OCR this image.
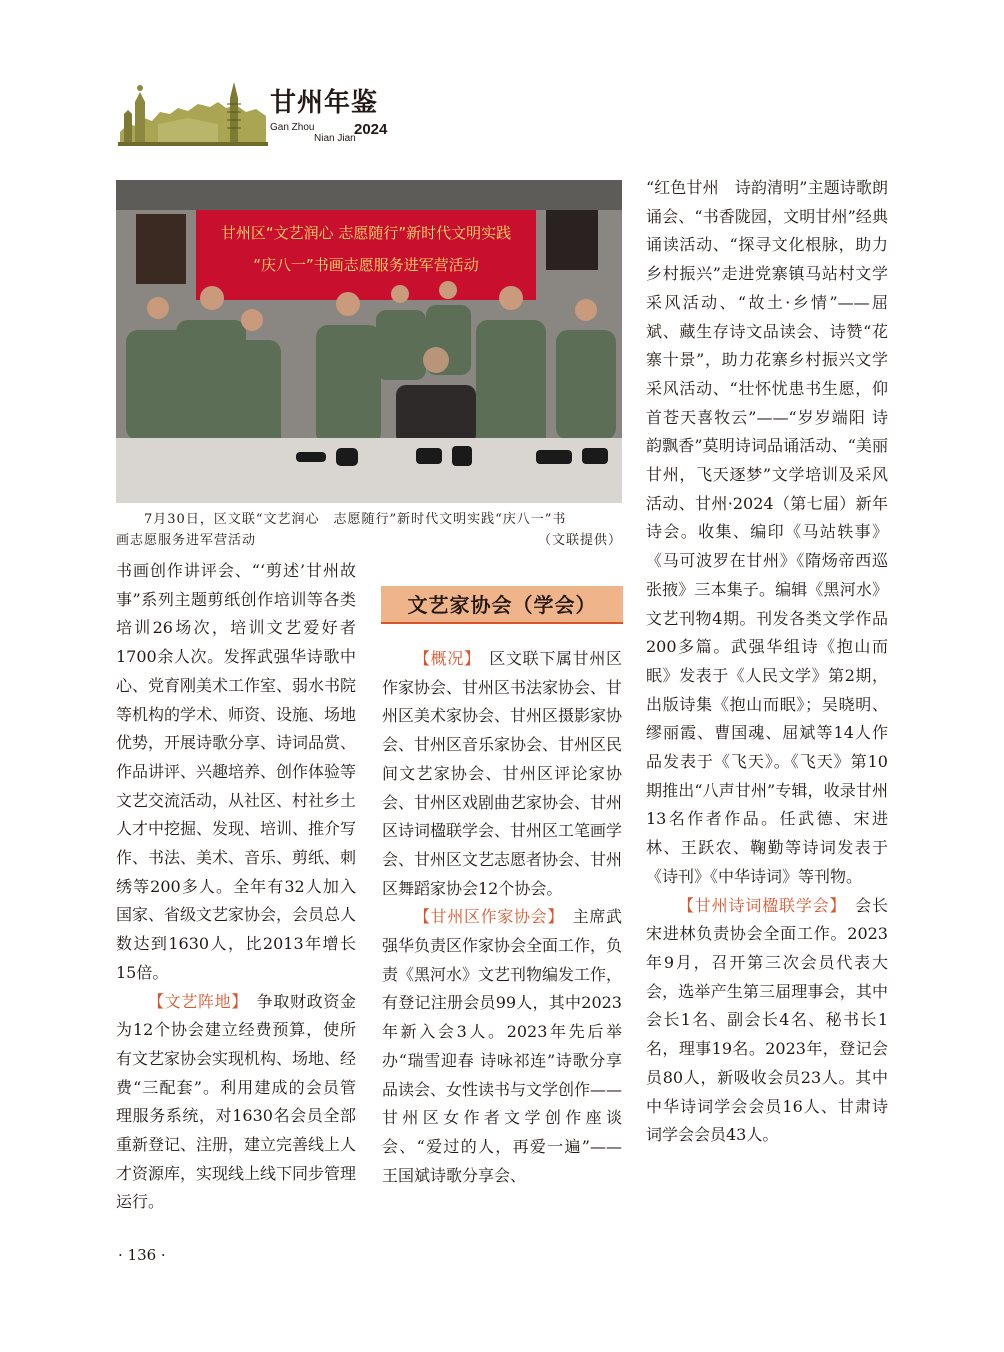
甘州年鉴
Gan Zhou
Nian Jian
2024
甘州区“文艺润心 志愿随行”新时代文明实践
“庆八一”书画志愿服务进军营活动
7月30日，区文联“文艺润心　志愿随行”新时代文明实践“庆八一”书
画志愿服务进军营活动	（文联提供）

书画创作讲评会、“‘剪述’甘州故事”系列主题剪纸创作培训等各类培训26场次，培训文艺爱好者1700余人次。发挥武强华诗歌中心、党育刚美术工作室、弱水书院等机构的学术、师资、设施、场地优势，开展诗歌分享、诗词品赏、作品讲评、兴趣培养、创作体验等文艺交流活动，从社区、村社乡土人才中挖掘、发现、培训、推介写作、书法、美术、音乐、剪纸、刺绣等200多人。全年有32人加入国家、省级文艺家协会，会员总人数达到1630人，比2013年增长15倍。

【文艺阵地】　争取财政资金为12个协会建立经费预算，使所有文艺家协会实现机构、场地、经费“三配套”。利用建成的会员管理服务系统，对1630名会员全部重新登记、注册，建立完善线上人才资源库，实现线上线下同步管理运行。

文艺家协会（学会）

【概况】　区文联下属甘州区作家协会、甘州区书法家协会、甘州区美术家协会、甘州区摄影家协会、甘州区音乐家协会、甘州区民间文艺家协会、甘州区评论家协会、甘州区戏剧曲艺家协会、甘州区诗词楹联学会、甘州区工笔画学会、甘州区文艺志愿者协会、甘州区舞蹈家协会12个协会。

【甘州区作家协会】　主席武强华负责区作家协会全面工作，负责《黑河水》文艺刊物编发工作，有登记注册会员99人，其中2023年新入会3人。2023年先后举办“瑞雪迎春 诗咏祁连”诗歌分享品读会、女性读书与文学创作——甘州区女作者文学创作座谈会、“爱过的人，再爱一遍”——王国斌诗歌分享会、

“红色甘州　诗韵清明”主题诗歌朗诵会、“书香陇园，文明甘州”经典诵读活动、“探寻文化根脉，助力乡村振兴”走进党寨镇马站村文学采风活动、“故土·乡情”——屈斌、藏生存诗文品读会、诗赞“花寨十景”，助力花寨乡村振兴文学采风活动、“壮怀忧患书生愿，仰首苍天喜牧云”——“岁岁端阳 诗韵飘香”莫明诗词品诵活动、“美丽甘州，飞天逐梦”文学培训及采风活动、甘州·2024（第七届）新年诗会。收集、编印《马站轶事》《马可波罗在甘州》《隋炀帝西巡张掖》三本集子。编辑《黑河水》文艺刊物4期。刊发各类文学作品200多篇。武强华组诗《抱山而眠》发表于《人民文学》第2期，出版诗集《抱山而眠》；吴晓明、缪丽霞、曹国魂、屈斌等14人作品发表于《飞天》。《飞天》第10期推出“八声甘州”专辑，收录甘州13名作者作品。任武德、宋进林、王跃农、鞠勤等诗词发表于《诗刊》《中华诗词》等刊物。

【甘州诗词楹联学会】　会长宋进林负责协会全面工作。2023年9月，召开第三次会员代表大会，选举产生第三届理事会，其中会长1名、副会长4名、秘书长1名，理事19名。2023年，登记会员80人，新吸收会员23人。其中中华诗词学会会员16人、甘肃诗词学会会员43人。

· 136 ·
